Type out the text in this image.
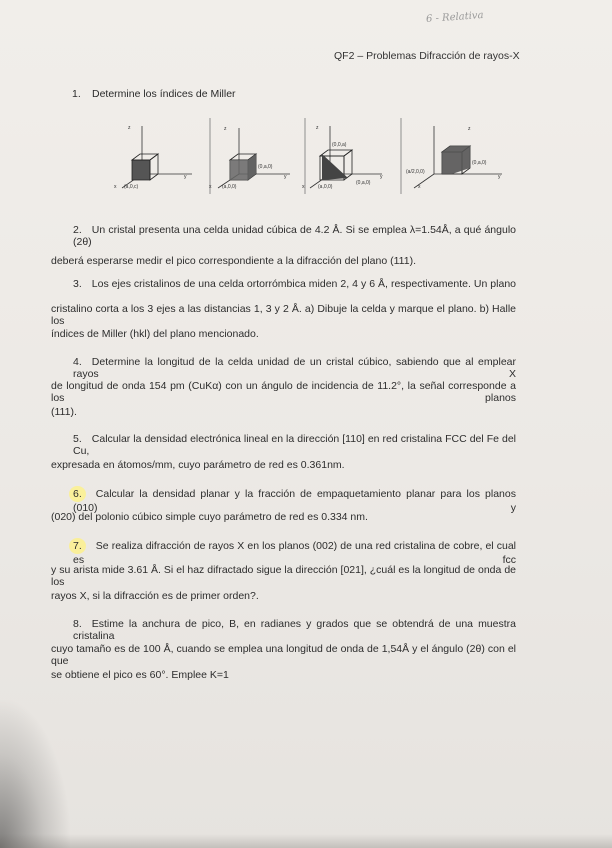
6 - Relativa
QF2 – Problemas Difracción de rayos-X
1. Determine los índices de Miller
z
y
x (a,0,c)
z
y
x
(0,a,0)
(a,0,0)
z
y
x
(0,0,a)
(0,a,0)
(a,0,0)
z
y
x
(a/2,0,0)
(0,a,0)
2. Un cristal presenta una celda unidad cúbica de 4.2 Å. Si se emplea λ=1.54Å, a qué ángulo (2θ)
deberá esperarse medir el pico correspondiente a la difracción del plano (111).
3. Los ejes cristalinos de una celda ortorrómbica miden 2, 4 y 6 Å, respectivamente. Un plano
cristalino corta a los 3 ejes a las distancias 1, 3 y 2 Å. a) Dibuje la celda y marque el plano. b) Halle los
índices de Miller (hkl) del plano mencionado.
4. Determine la longitud de la celda unidad de un cristal cúbico, sabiendo que al emplear rayos X
de longitud de onda 154 pm (CuKα) con un ángulo de incidencia de 11.2°, la señal corresponde a los planos
(111).
5. Calcular la densidad electrónica lineal en la dirección [110] en red cristalina FCC del Fe del Cu,
expresada en átomos/mm, cuyo parámetro de red es 0.361nm.
6. Calcular la densidad planar y la fracción de empaquetamiento planar para los planos (010) y
(020) del polonio cúbico simple cuyo parámetro de red es 0.334 nm.
7. Se realiza difracción de rayos X en los planos (002) de una red cristalina de cobre, el cual es fcc
y su arista mide 3.61 Å. Si el haz difractado sigue la dirección [021], ¿cuál es la longitud de onda de los
rayos X, si la difracción es de primer orden?.
8. Estime la anchura de pico, B, en radianes y grados que se obtendrá de una muestra cristalina
cuyo tamaño es de 100 Å, cuando se emplea una longitud de onda de 1,54Å y el ángulo (2θ) con el que
se obtiene el pico es 60°. Emplee K=1
